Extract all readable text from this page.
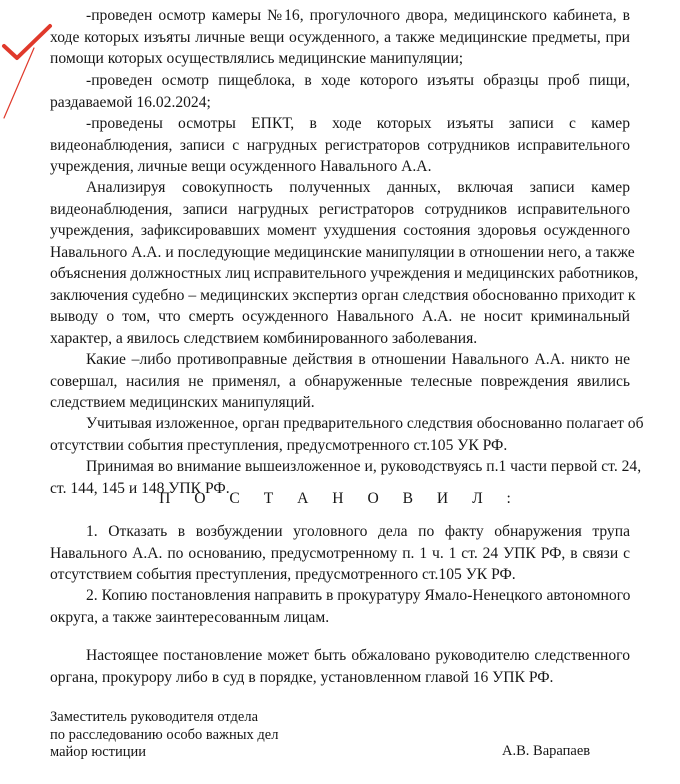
-проведен осмотр камеры №16, прогулочного двора, медицинского кабинета, в
ходе которых изъяты личные вещи осужденного, а также медицинские предметы, при
помощи которых осуществлялись медицинские манипуляции;
-проведен осмотр пищеблока, в ходе которого изъяты образцы проб пищи,
раздаваемой 16.02.2024;
-проведены осмотры ЕПКТ, в ходе которых изъяты записи с камер
видеонаблюдения, записи с нагрудных регистраторов сотрудников исправительного
учреждения, личные вещи осужденного Навального А.А.
Анализируя совокупность полученных данных, включая записи камер
видеонаблюдения, записи нагрудных регистраторов сотрудников исправительного
учреждения, зафиксировавших момент ухудшения состояния здоровья осужденного
Навального А.А. и последующие медицинские манипуляции в отношении него, а также
объяснения должностных лиц исправительного учреждения и медицинских работников,
заключения судебно – медицинских экспертиз орган следствия обоснованно приходит к
выводу о том, что смерть осужденного Навального А.А. не носит криминальный
характер, а явилось следствием комбинированного заболевания.
Какие –либо противоправные действия в отношении Навального А.А. никто не
совершал, насилия не применял, а обнаруженные телесные повреждения явились
следствием медицинских манипуляций.
Учитывая изложенное, орган предварительного следствия обоснованно полагает об
отсутствии события преступления, предусмотренного ст.105 УК РФ.
Принимая во внимание вышеизложенное и, руководствуясь п.1 части первой ст. 24,
ст. 144, 145 и 148 УПК РФ.
П О С Т А Н О В И Л :
1. Отказать в возбуждении уголовного дела по факту обнаружения трупа
Навального А.А. по основанию, предусмотренному п. 1 ч. 1 ст. 24 УПК РФ, в связи с
отсутствием события преступления, предусмотренного ст.105 УК РФ.
2. Копию постановления направить в прокуратуру Ямало-Ненецкого автономного
округа, а также заинтересованным лицам.
Настоящее постановление может быть обжаловано руководителю следственного
органа, прокурору либо в суд в порядке, установленном главой 16 УПК РФ.
Заместитель руководителя отдела
по расследованию особо важных дел
майор юстиции	А.В. Варапаев
